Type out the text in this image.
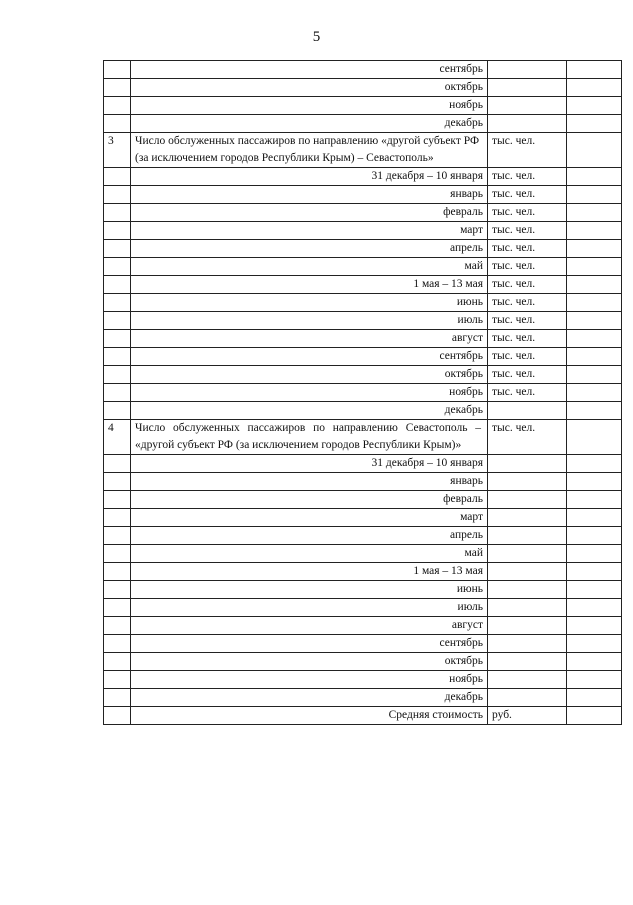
5
	сентябрь		
	октябрь		
	ноябрь		
	декабрь		
3	Число обслуженных пассажиров по направлению «другой субъект РФ (за исключением городов Республики Крым) – Севастополь»	тыс. чел.	
	31 декабря – 10 января	тыс. чел.	
	январь	тыс. чел.	
	февраль	тыс. чел.	
	март	тыс. чел.	
	апрель	тыс. чел.	
	май	тыс. чел.	
	1 мая – 13 мая	тыс. чел.	
	июнь	тыс. чел.	
	июль	тыс. чел.	
	август	тыс. чел.	
	сентябрь	тыс. чел.	
	октябрь	тыс. чел.	
	ноябрь	тыс. чел.	
	декабрь		
4	Число обслуженных пассажиров по направлению Севастополь – «другой субъект РФ (за исключением городов Республики Крым)»	тыс. чел.	
	31 декабря – 10 января		
	январь		
	февраль		
	март		
	апрель		
	май		
	1 мая – 13 мая		
	июнь		
	июль		
	август		
	сентябрь		
	октябрь		
	ноябрь		
	декабрь		
	Средняя стоимость	руб.	
